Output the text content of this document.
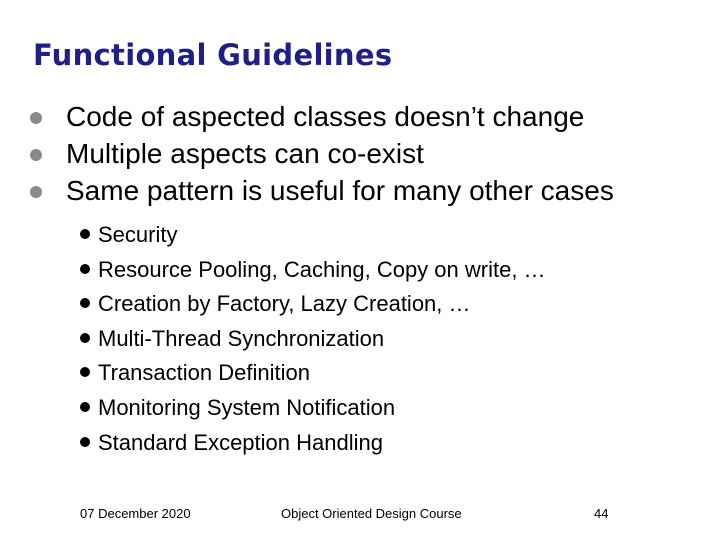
Functional Guidelines
Code of aspected classes doesn’t change
Multiple aspects can co-exist
Same pattern is useful for many other cases
Security
Resource Pooling, Caching, Copy on write, …
Creation by Factory, Lazy Creation, …
Multi-Thread Synchronization
Transaction Definition
Monitoring System Notification
Standard Exception Handling
07 December 2020	Object Oriented Design Course	44
